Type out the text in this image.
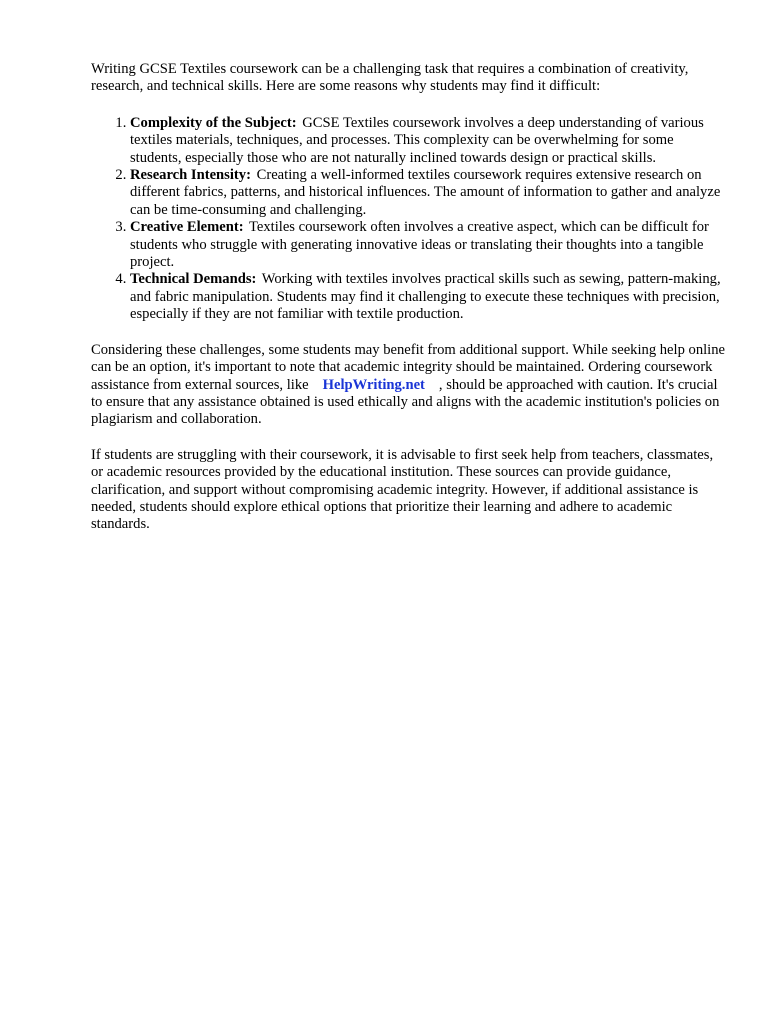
Writing GCSE Textiles coursework can be a challenging task that requires a combination of creativity, research, and technical skills. Here are some reasons why students may find it difficult:

1. Complexity of the Subject: GCSE Textiles coursework involves a deep understanding of various textiles materials, techniques, and processes. This complexity can be overwhelming for some students, especially those who are not naturally inclined towards design or practical skills.
2. Research Intensity: Creating a well-informed textiles coursework requires extensive research on different fabrics, patterns, and historical influences. The amount of information to gather and analyze can be time-consuming and challenging.
3. Creative Element: Textiles coursework often involves a creative aspect, which can be difficult for students who struggle with generating innovative ideas or translating their thoughts into a tangible project.
4. Technical Demands: Working with textiles involves practical skills such as sewing, pattern-making, and fabric manipulation. Students may find it challenging to execute these techniques with precision, especially if they are not familiar with textile production.

Considering these challenges, some students may benefit from additional support. While seeking help online can be an option, it's important to note that academic integrity should be maintained. Ordering coursework assistance from external sources, like HelpWriting.net , should be approached with caution. It's crucial to ensure that any assistance obtained is used ethically and aligns with the academic institution's policies on plagiarism and collaboration.

If students are struggling with their coursework, it is advisable to first seek help from teachers, classmates, or academic resources provided by the educational institution. These sources can provide guidance, clarification, and support without compromising academic integrity. However, if additional assistance is needed, students should explore ethical options that prioritize their learning and adhere to academic standards.
